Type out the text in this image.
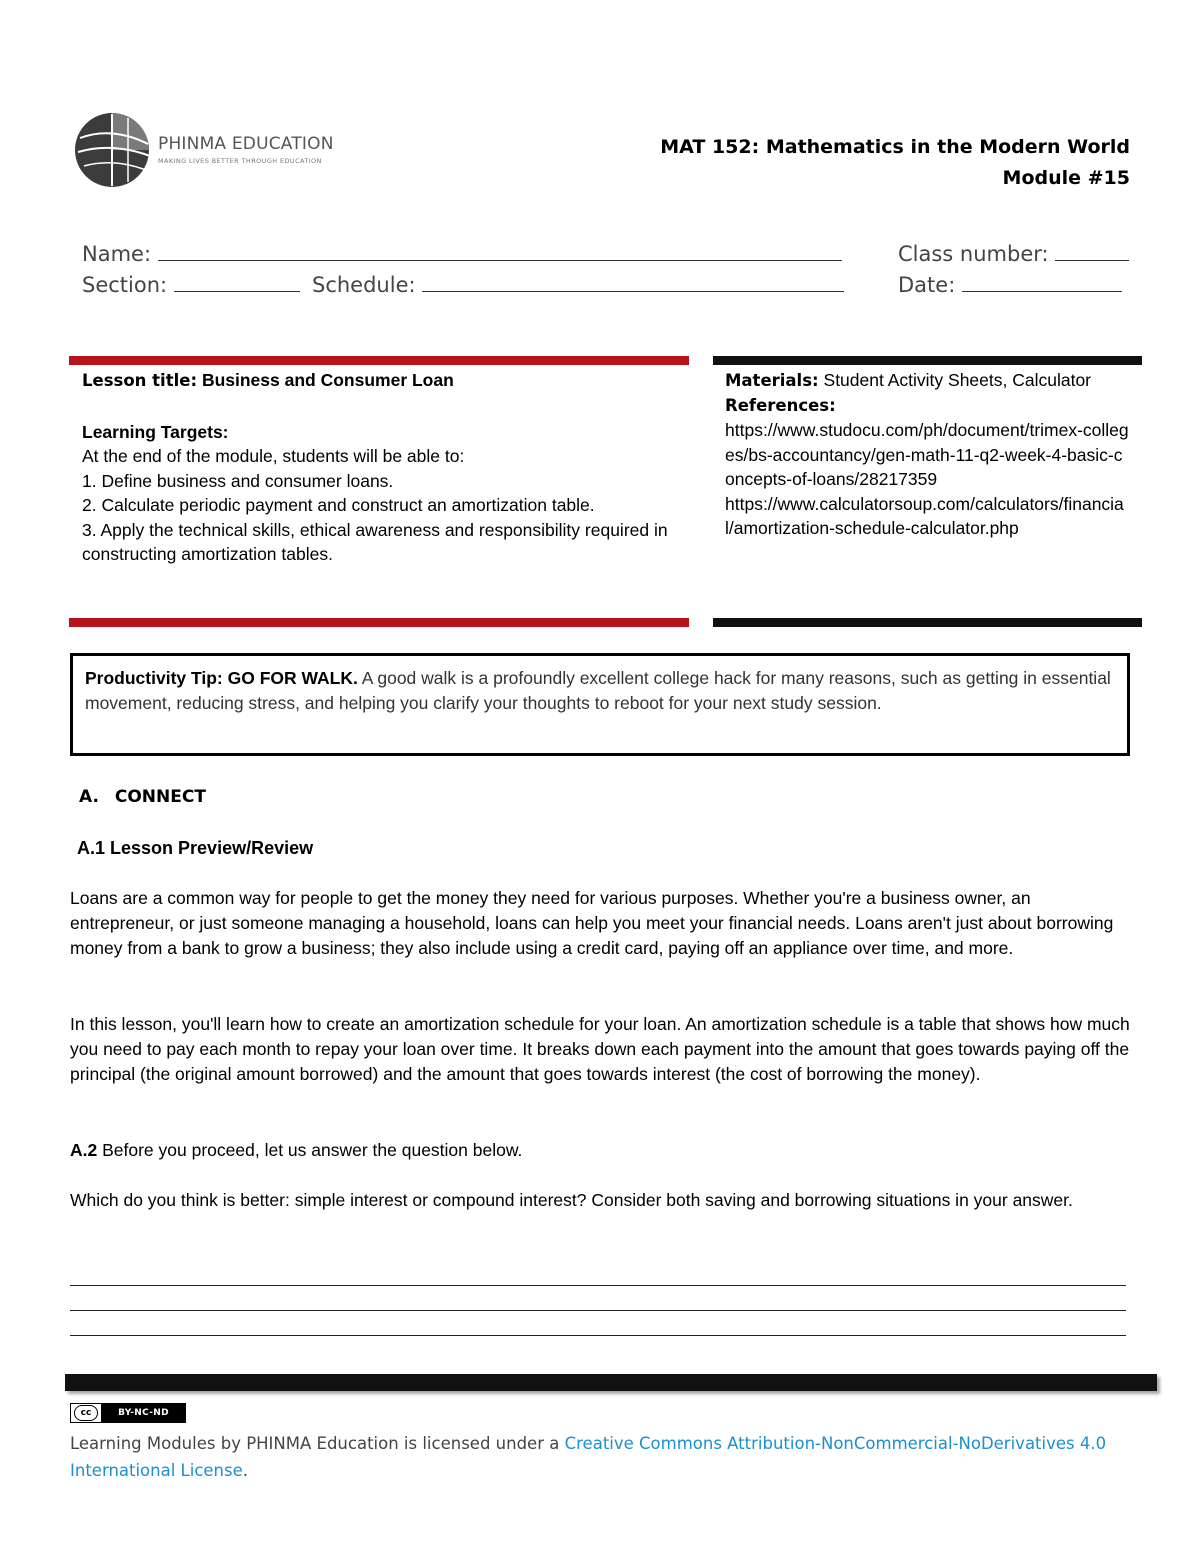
PHINMA EDUCATION
MAKING LIVES BETTER THROUGH EDUCATION
MAT 152: Mathematics in the Modern World
Module #15
Name:	Class number:
Section:	Schedule:	Date:
Lesson title: Business and Consumer Loan
Learning Targets:
At the end of the module, students will be able to:
1. Define business and consumer loans.
2. Calculate periodic payment and construct an amortization table.
3. Apply the technical skills, ethical awareness and responsibility required in constructing amortization tables.
Materials: Student Activity Sheets, Calculator
References:
https://www.studocu.com/ph/document/trimex-colleges/bs-accountancy/gen-math-11-q2-week-4-basic-concepts-of-loans/28217359
https://www.calculatorsoup.com/calculators/financial/amortization-schedule-calculator.php
Productivity Tip: GO FOR WALK. A good walk is a profoundly excellent college hack for many reasons, such as getting in essential movement, reducing stress, and helping you clarify your thoughts to reboot for your next study session.
A. CONNECT
A.1 Lesson Preview/Review
Loans are a common way for people to get the money they need for various purposes. Whether you're a business owner, an entrepreneur, or just someone managing a household, loans can help you meet your financial needs. Loans aren't just about borrowing money from a bank to grow a business; they also include using a credit card, paying off an appliance over time, and more.
In this lesson, you'll learn how to create an amortization schedule for your loan. An amortization schedule is a table that shows how much you need to pay each month to repay your loan over time. It breaks down each payment into the amount that goes towards paying off the principal (the original amount borrowed) and the amount that goes towards interest (the cost of borrowing the money).
A.2 Before you proceed, let us answer the question below.
Which do you think is better: simple interest or compound interest? Consider both saving and borrowing situations in your answer.
cc	BY-NC-ND
Learning Modules by PHINMA Education is licensed under a Creative Commons Attribution-NonCommercial-NoDerivatives 4.0 International License.
